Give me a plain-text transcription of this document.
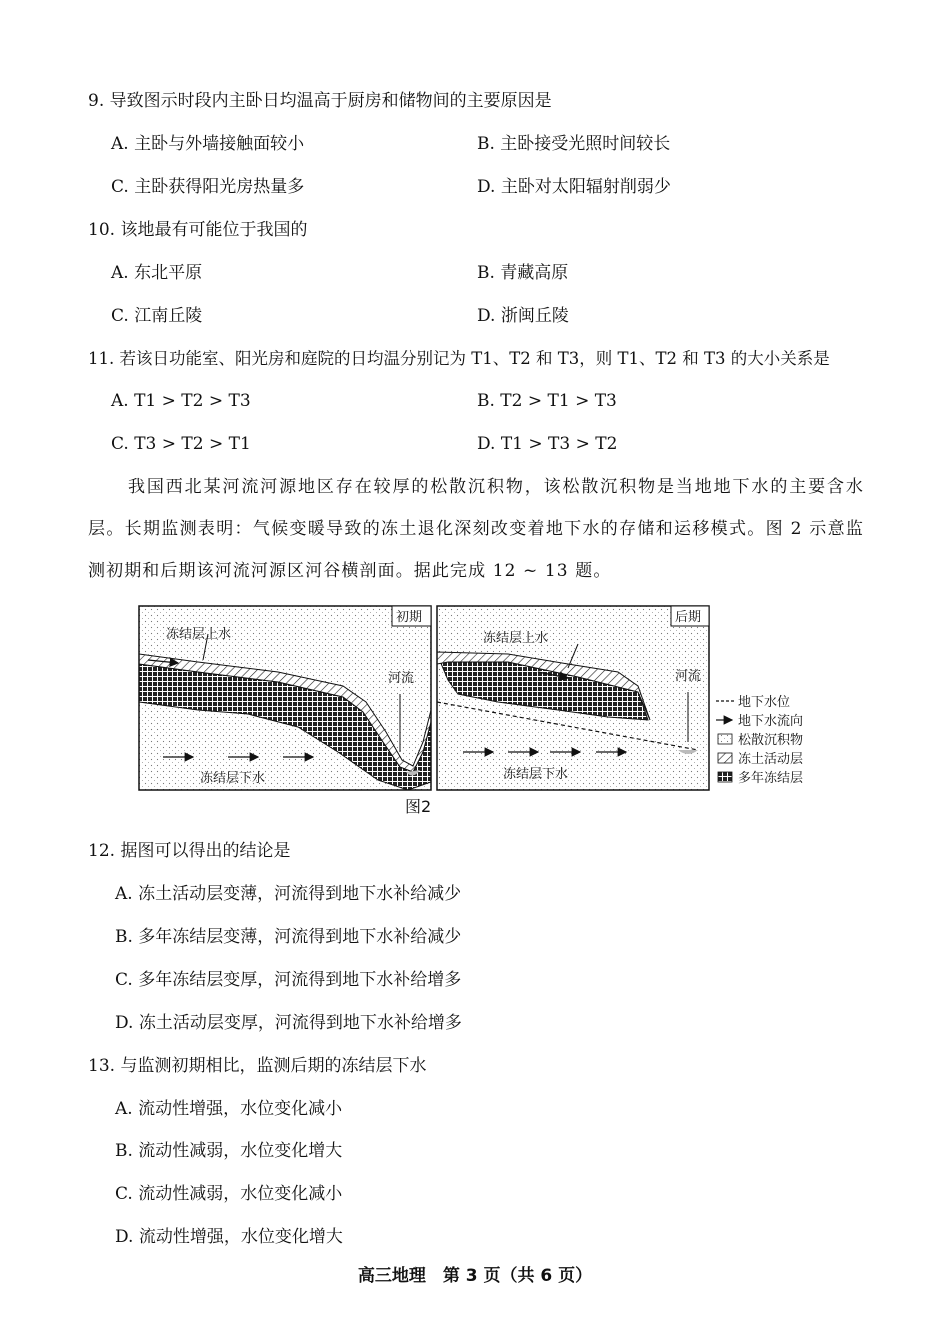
9. 导致图示时段内主卧日均温高于厨房和储物间的主要原因是
A. 主卧与外墙接触面较小	B. 主卧接受光照时间较长
C. 主卧获得阳光房热量多	D. 主卧对太阳辐射削弱少
10. 该地最有可能位于我国的
A. 东北平原	B. 青藏高原
C. 江南丘陵	D. 浙闽丘陵
11. 若该日功能室、阳光房和庭院的日均温分别记为 T1、T2 和 T3，则 T1、T2 和 T3 的大小关系是
A. T1 > T2 > T3	B. T2 > T1 > T3
C. T3 > T2 > T1	D. T1 > T3 > T2
我国西北某河流河源地区存在较厚的松散沉积物，该松散沉积物是当地地下水的主要含水层。长期监测表明：气候变暖导致的冻土退化深刻改变着地下水的存储和运移模式。图 2 示意监测初期和后期该河流河源区河谷横剖面。据此完成 12 ~ 13 题。
初期
冻结层上水
河流
冻结层下水
后期
冻结层上水
河流
冻结层下水
地下水位
地下水流向
松散沉积物
冻土活动层
多年冻结层
图2
12. 据图可以得出的结论是
A. 冻土活动层变薄，河流得到地下水补给减少
B. 多年冻结层变薄，河流得到地下水补给减少
C. 多年冻结层变厚，河流得到地下水补给增多
D. 冻土活动层变厚，河流得到地下水补给增多
13. 与监测初期相比，监测后期的冻结层下水
A. 流动性增强，水位变化减小
B. 流动性减弱，水位变化增大
C. 流动性减弱，水位变化减小
D. 流动性增强，水位变化增大
高三地理　第 3 页（共 6 页）
